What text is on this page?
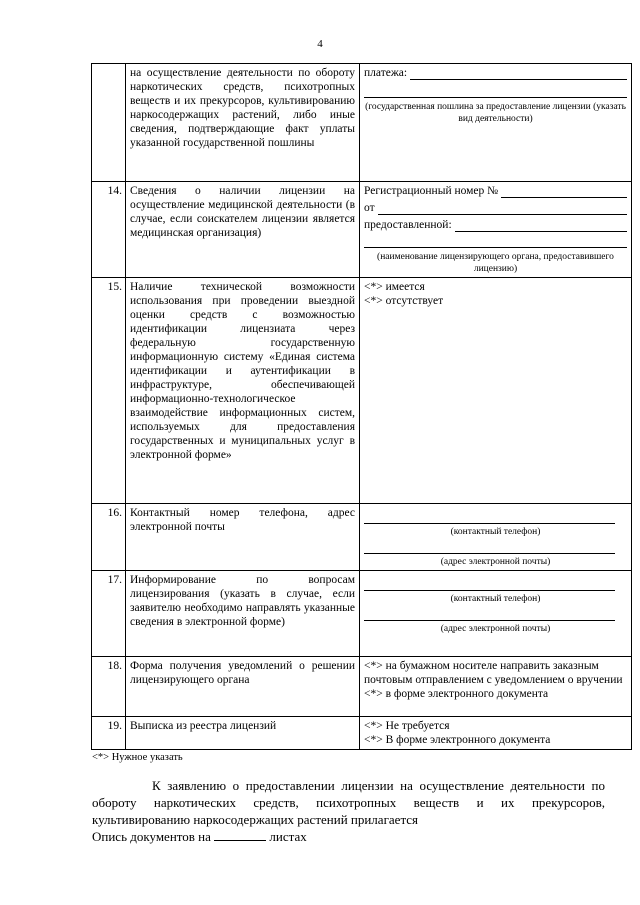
4
	на осуществление деятельности по обороту наркотических средств, психотропных веществ и их прекурсоров, культивированию наркосодержащих растений, либо иные сведения, подтверждающие факт уплаты указанной государственной пошлины	платежа:
(государственная пошлина за предоставление лицензии (указать вид деятельности)

14.	Сведения о наличии лицензии на осуществление медицинской деятельности (в случае, если соискателем лицензии является медицинская организация)	Регистрационный номер №
от
предоставленной:
(наименование лицензирующего органа, предоставившего лицензию)

15.	Наличие технической возможности использования при проведении выездной оценки средств с возможностью идентификации лицензиата через федеральную государственную информационную систему «Единая система идентификации и аутентификации в инфраструктуре, обеспечивающей информационно-технологическое взаимодействие информационных систем, используемых для предоставления государственных и муниципальных услуг в электронной форме»	<*> имеется
<*> отсутствует

16.	Контактный номер телефона, адрес электронной почты	(контактный телефон)
(адрес электронной почты)

17.	Информирование по вопросам лицензирования (указать в случае, если заявителю необходимо направлять указанные сведения в электронной форме)	(контактный телефон)
(адрес электронной почты)

18.	Форма получения уведомлений о решении лицензирующего органа	<*> на бумажном носителе направить заказным почтовым отправлением с уведомлением о вручении
<*> в форме электронного документа

19.	Выписка из реестра лицензий	<*> Не требуется
<*> В форме электронного документа
<*> Нужное указать
К заявлению о предоставлении лицензии на осуществление деятельности по обороту наркотических средств, психотропных веществ и их прекурсоров, культивированию наркосодержащих растений прилагается
Опись документов на	листах
